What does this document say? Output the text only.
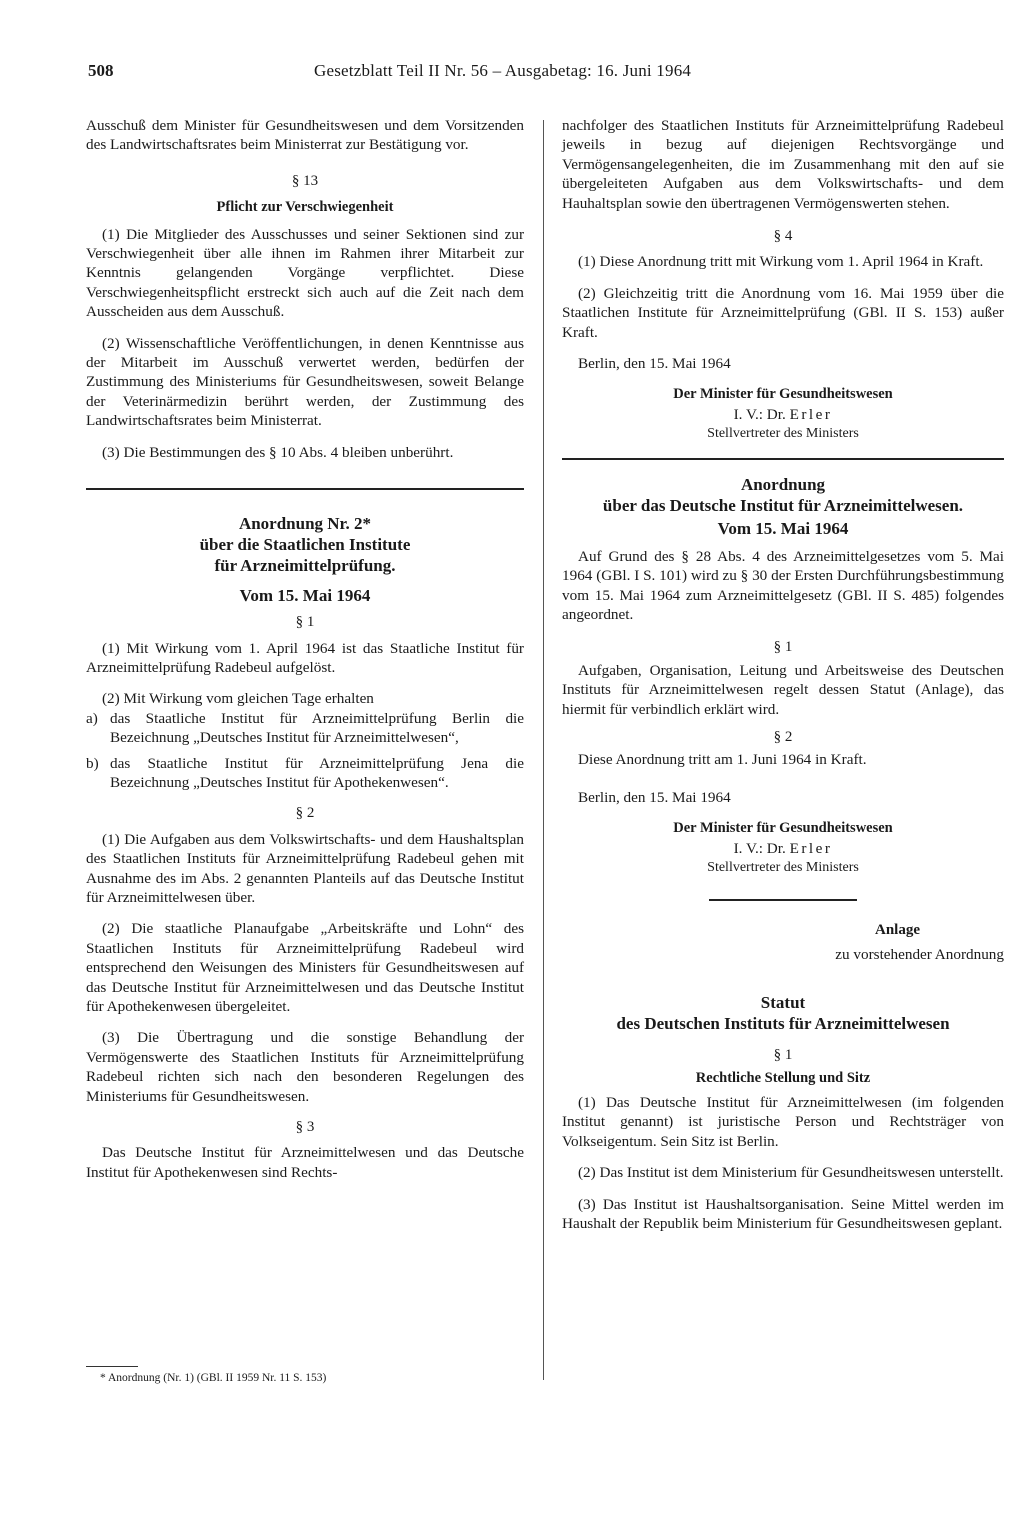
508	Gesetzblatt Teil II Nr. 56 – Ausgabetag: 16. Juni 1964

Ausschuß dem Minister für Gesundheitswesen und dem Vorsitzenden des Landwirtschaftsrates beim Ministerrat zur Bestätigung vor.

§ 13

Pflicht zur Verschwiegenheit

(1) Die Mitglieder des Ausschusses und seiner Sektionen sind zur Verschwiegenheit über alle ihnen im Rahmen ihrer Mitarbeit zur Kenntnis gelangenden Vorgänge verpflichtet. Diese Verschwiegenheitspflicht erstreckt sich auch auf die Zeit nach dem Ausscheiden aus dem Ausschuß.

(2) Wissenschaftliche Veröffentlichungen, in denen Kenntnisse aus der Mitarbeit im Ausschuß verwertet werden, bedürfen der Zustimmung des Ministeriums für Gesundheitswesen, soweit Belange der Veterinärmedizin berührt werden, der Zustimmung des Landwirtschaftsrates beim Ministerrat.

(3) Die Bestimmungen des § 10 Abs. 4 bleiben unberührt.

Anordnung Nr. 2*

über die Staatlichen Institute

für Arzneimittelprüfung.

Vom 15. Mai 1964

§ 1

(1) Mit Wirkung vom 1. April 1964 ist das Staatliche Institut für Arzneimittelprüfung Radebeul aufgelöst.

(2) Mit Wirkung vom gleichen Tage erhalten

a) das Staatliche Institut für Arzneimittelprüfung Berlin die Bezeichnung „Deutsches Institut für Arzneimittelwesen“,
b) das Staatliche Institut für Arzneimittelprüfung Jena die Bezeichnung „Deutsches Institut für Apothekenwesen“.

§ 2

(1) Die Aufgaben aus dem Volkswirtschafts- und dem Haushaltsplan des Staatlichen Instituts für Arzneimittelprüfung Radebeul gehen mit Ausnahme des im Abs. 2 genannten Planteils auf das Deutsche Institut für Arzneimittelwesen über.

(2) Die staatliche Planaufgabe „Arbeitskräfte und Lohn“ des Staatlichen Instituts für Arzneimittelprüfung Radebeul wird entsprechend den Weisungen des Ministers für Gesundheitswesen auf das Deutsche Institut für Arzneimittelwesen und das Deutsche Institut für Apothekenwesen übergeleitet.

(3) Die Übertragung und die sonstige Behandlung der Vermögenswerte des Staatlichen Instituts für Arzneimittelprüfung Radebeul richten sich nach den besonderen Regelungen des Ministeriums für Gesundheitswesen.

§ 3

Das Deutsche Institut für Arzneimittelwesen und das Deutsche Institut für Apothekenwesen sind Rechts-

* Anordnung (Nr. 1) (GBl. II 1959 Nr. 11 S. 153)

nachfolger des Staatlichen Instituts für Arzneimittelprüfung Radebeul jeweils in bezug auf diejenigen Rechtsvorgänge und Vermögensangelegenheiten, die im Zusammenhang mit den auf sie übergeleiteten Aufgaben aus dem Volkswirtschafts- und dem Hauhaltsplan sowie den übertragenen Vermögenswerten stehen.

§ 4

(1) Diese Anordnung tritt mit Wirkung vom 1. April 1964 in Kraft.

(2) Gleichzeitig tritt die Anordnung vom 16. Mai 1959 über die Staatlichen Institute für Arzneimittelprüfung (GBl. II S. 153) außer Kraft.

Berlin, den 15. Mai 1964

Der Minister für Gesundheitswesen

I. V.: Dr. Erler

Stellvertreter des Ministers

Anordnung

über das Deutsche Institut für Arzneimittelwesen.

Vom 15. Mai 1964

Auf Grund des § 28 Abs. 4 des Arzneimittelgesetzes vom 5. Mai 1964 (GBl. I S. 101) wird zu § 30 der Ersten Durchführungsbestimmung vom 15. Mai 1964 zum Arzneimittelgesetz (GBl. II S. 485) folgendes angeordnet.

§ 1

Aufgaben, Organisation, Leitung und Arbeitsweise des Deutschen Instituts für Arzneimittelwesen regelt dessen Statut (Anlage), das hiermit für verbindlich erklärt wird.

§ 2

Diese Anordnung tritt am 1. Juni 1964 in Kraft.

Berlin, den 15. Mai 1964

Der Minister für Gesundheitswesen

I. V.: Dr. Erler

Stellvertreter des Ministers

Anlage

zu vorstehender Anordnung

Statut

des Deutschen Instituts für Arzneimittelwesen

§ 1

Rechtliche Stellung und Sitz

(1) Das Deutsche Institut für Arzneimittelwesen (im folgenden Institut genannt) ist juristische Person und Rechtsträger von Volkseigentum. Sein Sitz ist Berlin.

(2) Das Institut ist dem Ministerium für Gesundheitswesen unterstellt.

(3) Das Institut ist Haushaltsorganisation. Seine Mittel werden im Haushalt der Republik beim Ministerium für Gesundheitswesen geplant.
